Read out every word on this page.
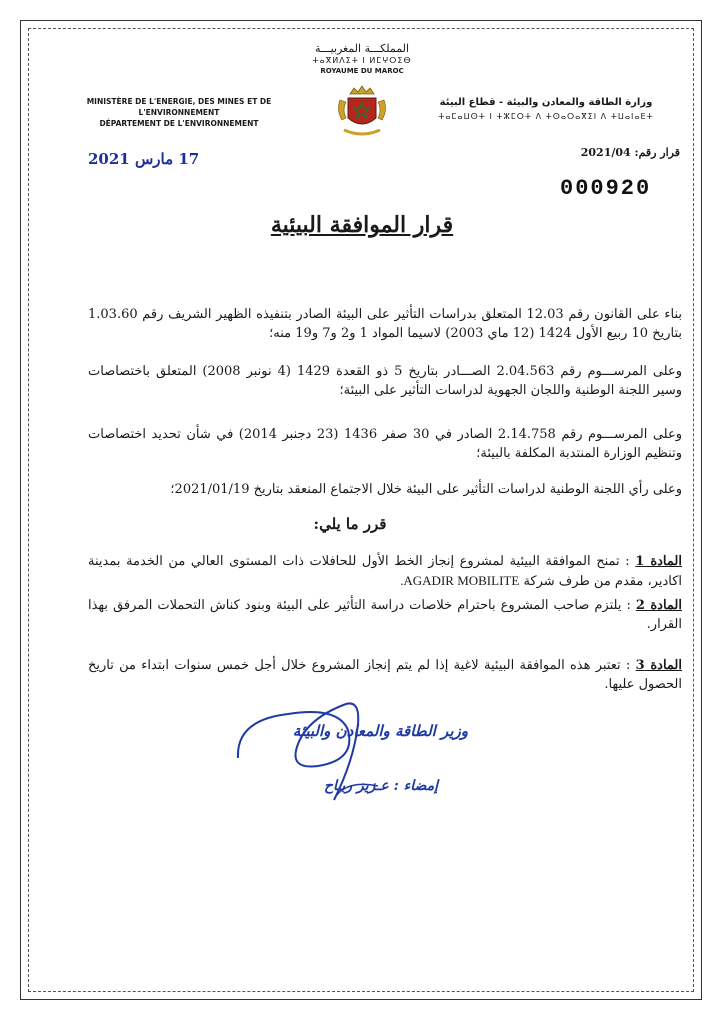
المملكـــة المغربيـــة
ⵜⴰⴳⵍⴷⵉⵜ ⵏ ⵍⵎⵖⵔⵉⴱ
ROYAUME DU MAROC
MINISTÈRE DE L'ENERGIE, DES MINES ET DE L'ENVIRONNEMENT
DÉPARTEMENT DE L'ENVIRONNEMENT
وزارة الطاقة والمعادن والبيئة - قطاع البيئة
ⵜⴰⵎⴰⵡⵙⵜ ⵏ ⵜⵣⵎⵔⵜ ⴷ ⵜⵙⴰⵔⴰⴳⵉⵏ ⴷ ⵜⵡⴰⵏⴰⴹⵜ
قرار رقم: 2021/04
17 مارس 2021
000920
قرار الموافقة البيئية
بناء على القانون رقم 12.03 المتعلق بدراسات التأثير على البيئة الصادر بتنفيذه الظهير الشريف رقم 1.03.60 بتاريخ 10 ربيع الأول 1424 (12 ماي 2003) لاسيما المواد 1 و2 و7 و19 منه؛
وعلى المرســـوم رقم 2.04.563 الصـــادر بتاريخ 5 ذو القعدة 1429 (4 نونبر 2008) المتعلق باختصاصات وسير اللجنة الوطنية واللجان الجهوية لدراسات التأثير على البيئة؛
وعلى المرســـوم رقم 2.14.758 الصادر في 30 صفر 1436 (23 دجنبر 2014) في شأن تحديد اختصاصات وتنظيم الوزارة المنتدبة المكلفة بالبيئة؛
وعلى رأي اللجنة الوطنية لدراسات التأثير على البيئة خلال الاجتماع المنعقد بتاريخ 2021/01/19؛
قرر ما يلي:
المادة 1 : تمنح الموافقة البيئية لمشروع إنجاز الخط الأول للحافلات ذات المستوى العالي من الخدمة بمدينة اكادير، مقدم من طرف شركة AGADIR MOBILITE.
المادة 2 : يلتزم صاحب المشروع باحترام خلاصات دراسة التأثير على البيئة وبنود كناش التحملات المرفق بهذا القرار.
المادة 3 : تعتبر هذه الموافقة البيئية لاغية إذا لم يتم إنجاز المشروع خلال أجل خمس سنوات ابتداء من تاريخ الحصول عليها.
وزير الطاقة والمعادن والبيئة
إمضاء : عـزيز ربـاح
